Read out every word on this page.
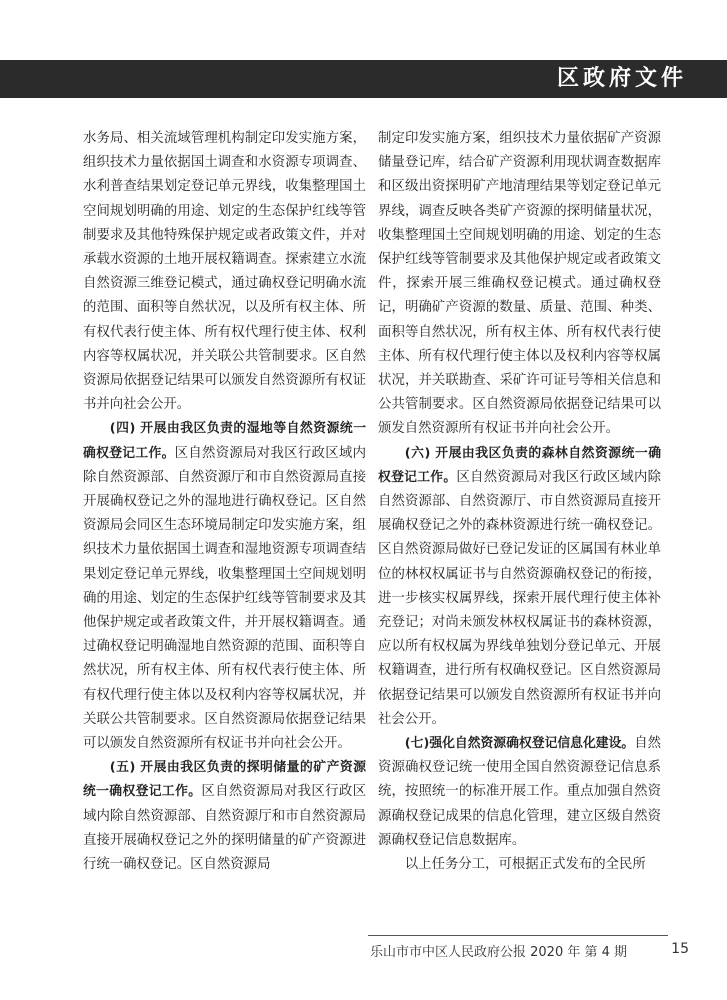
区政府文件

水务局、相关流域管理机构制定印发实施方案，组织技术力量依据国土调查和水资源专项调查、水利普查结果划定登记单元界线，收集整理国土空间规划明确的用途、划定的生态保护红线等管制要求及其他特殊保护规定或者政策文件，并对承载水资源的土地开展权籍调查。探索建立水流自然资源三维登记模式，通过确权登记明确水流的范围、面积等自然状况，以及所有权主体、所有权代表行使主体、所有权代理行使主体、权利内容等权属状况，并关联公共管制要求。区自然资源局依据登记结果可以颁发自然资源所有权证书并向社会公开。

(四) 开展由我区负责的湿地等自然资源统一确权登记工作。区自然资源局对我区行政区域内除自然资源部、自然资源厅和市自然资源局直接开展确权登记之外的湿地进行确权登记。区自然资源局会同区生态环境局制定印发实施方案，组织技术力量依据国土调查和湿地资源专项调查结果划定登记单元界线，收集整理国土空间规划明确的用途、划定的生态保护红线等管制要求及其他保护规定或者政策文件，并开展权籍调查。通过确权登记明确湿地自然资源的范围、面积等自然状况，所有权主体、所有权代表行使主体、所有权代理行使主体以及权利内容等权属状况，并关联公共管制要求。区自然资源局依据登记结果可以颁发自然资源所有权证书并向社会公开。

(五) 开展由我区负责的探明储量的矿产资源统一确权登记工作。区自然资源局对我区行政区域内除自然资源部、自然资源厅和市自然资源局直接开展确权登记之外的探明储量的矿产资源进行统一确权登记。区自然资源局

制定印发实施方案，组织技术力量依据矿产资源储量登记库，结合矿产资源利用现状调查数据库和区级出资探明矿产地清理结果等划定登记单元界线，调查反映各类矿产资源的探明储量状况，收集整理国土空间规划明确的用途、划定的生态保护红线等管制要求及其他保护规定或者政策文件，探索开展三维确权登记模式。通过确权登记，明确矿产资源的数量、质量、范围、种类、面积等自然状况，所有权主体、所有权代表行使主体、所有权代理行使主体以及权利内容等权属状况，并关联勘查、采矿许可证号等相关信息和公共管制要求。区自然资源局依据登记结果可以颁发自然资源所有权证书并向社会公开。

(六) 开展由我区负责的森林自然资源统一确权登记工作。区自然资源局对我区行政区域内除自然资源部、自然资源厅、市自然资源局直接开展确权登记之外的森林资源进行统一确权登记。区自然资源局做好已登记发证的区属国有林业单位的林权权属证书与自然资源确权登记的衔接，进一步核实权属界线，探索开展代理行使主体补充登记；对尚未颁发林权权属证书的森林资源，应以所有权权属为界线单独划分登记单元、开展权籍调查，进行所有权确权登记。区自然资源局依据登记结果可以颁发自然资源所有权证书并向社会公开。

(七)强化自然资源确权登记信息化建设。自然资源确权登记统一使用全国自然资源登记信息系统，按照统一的标准开展工作。重点加强自然资源确权登记成果的信息化管理，建立区级自然资源确权登记信息数据库。

以上任务分工，可根据正式发布的全民所

乐山市市中区人民政府公报 2020 年 第 4 期	15
